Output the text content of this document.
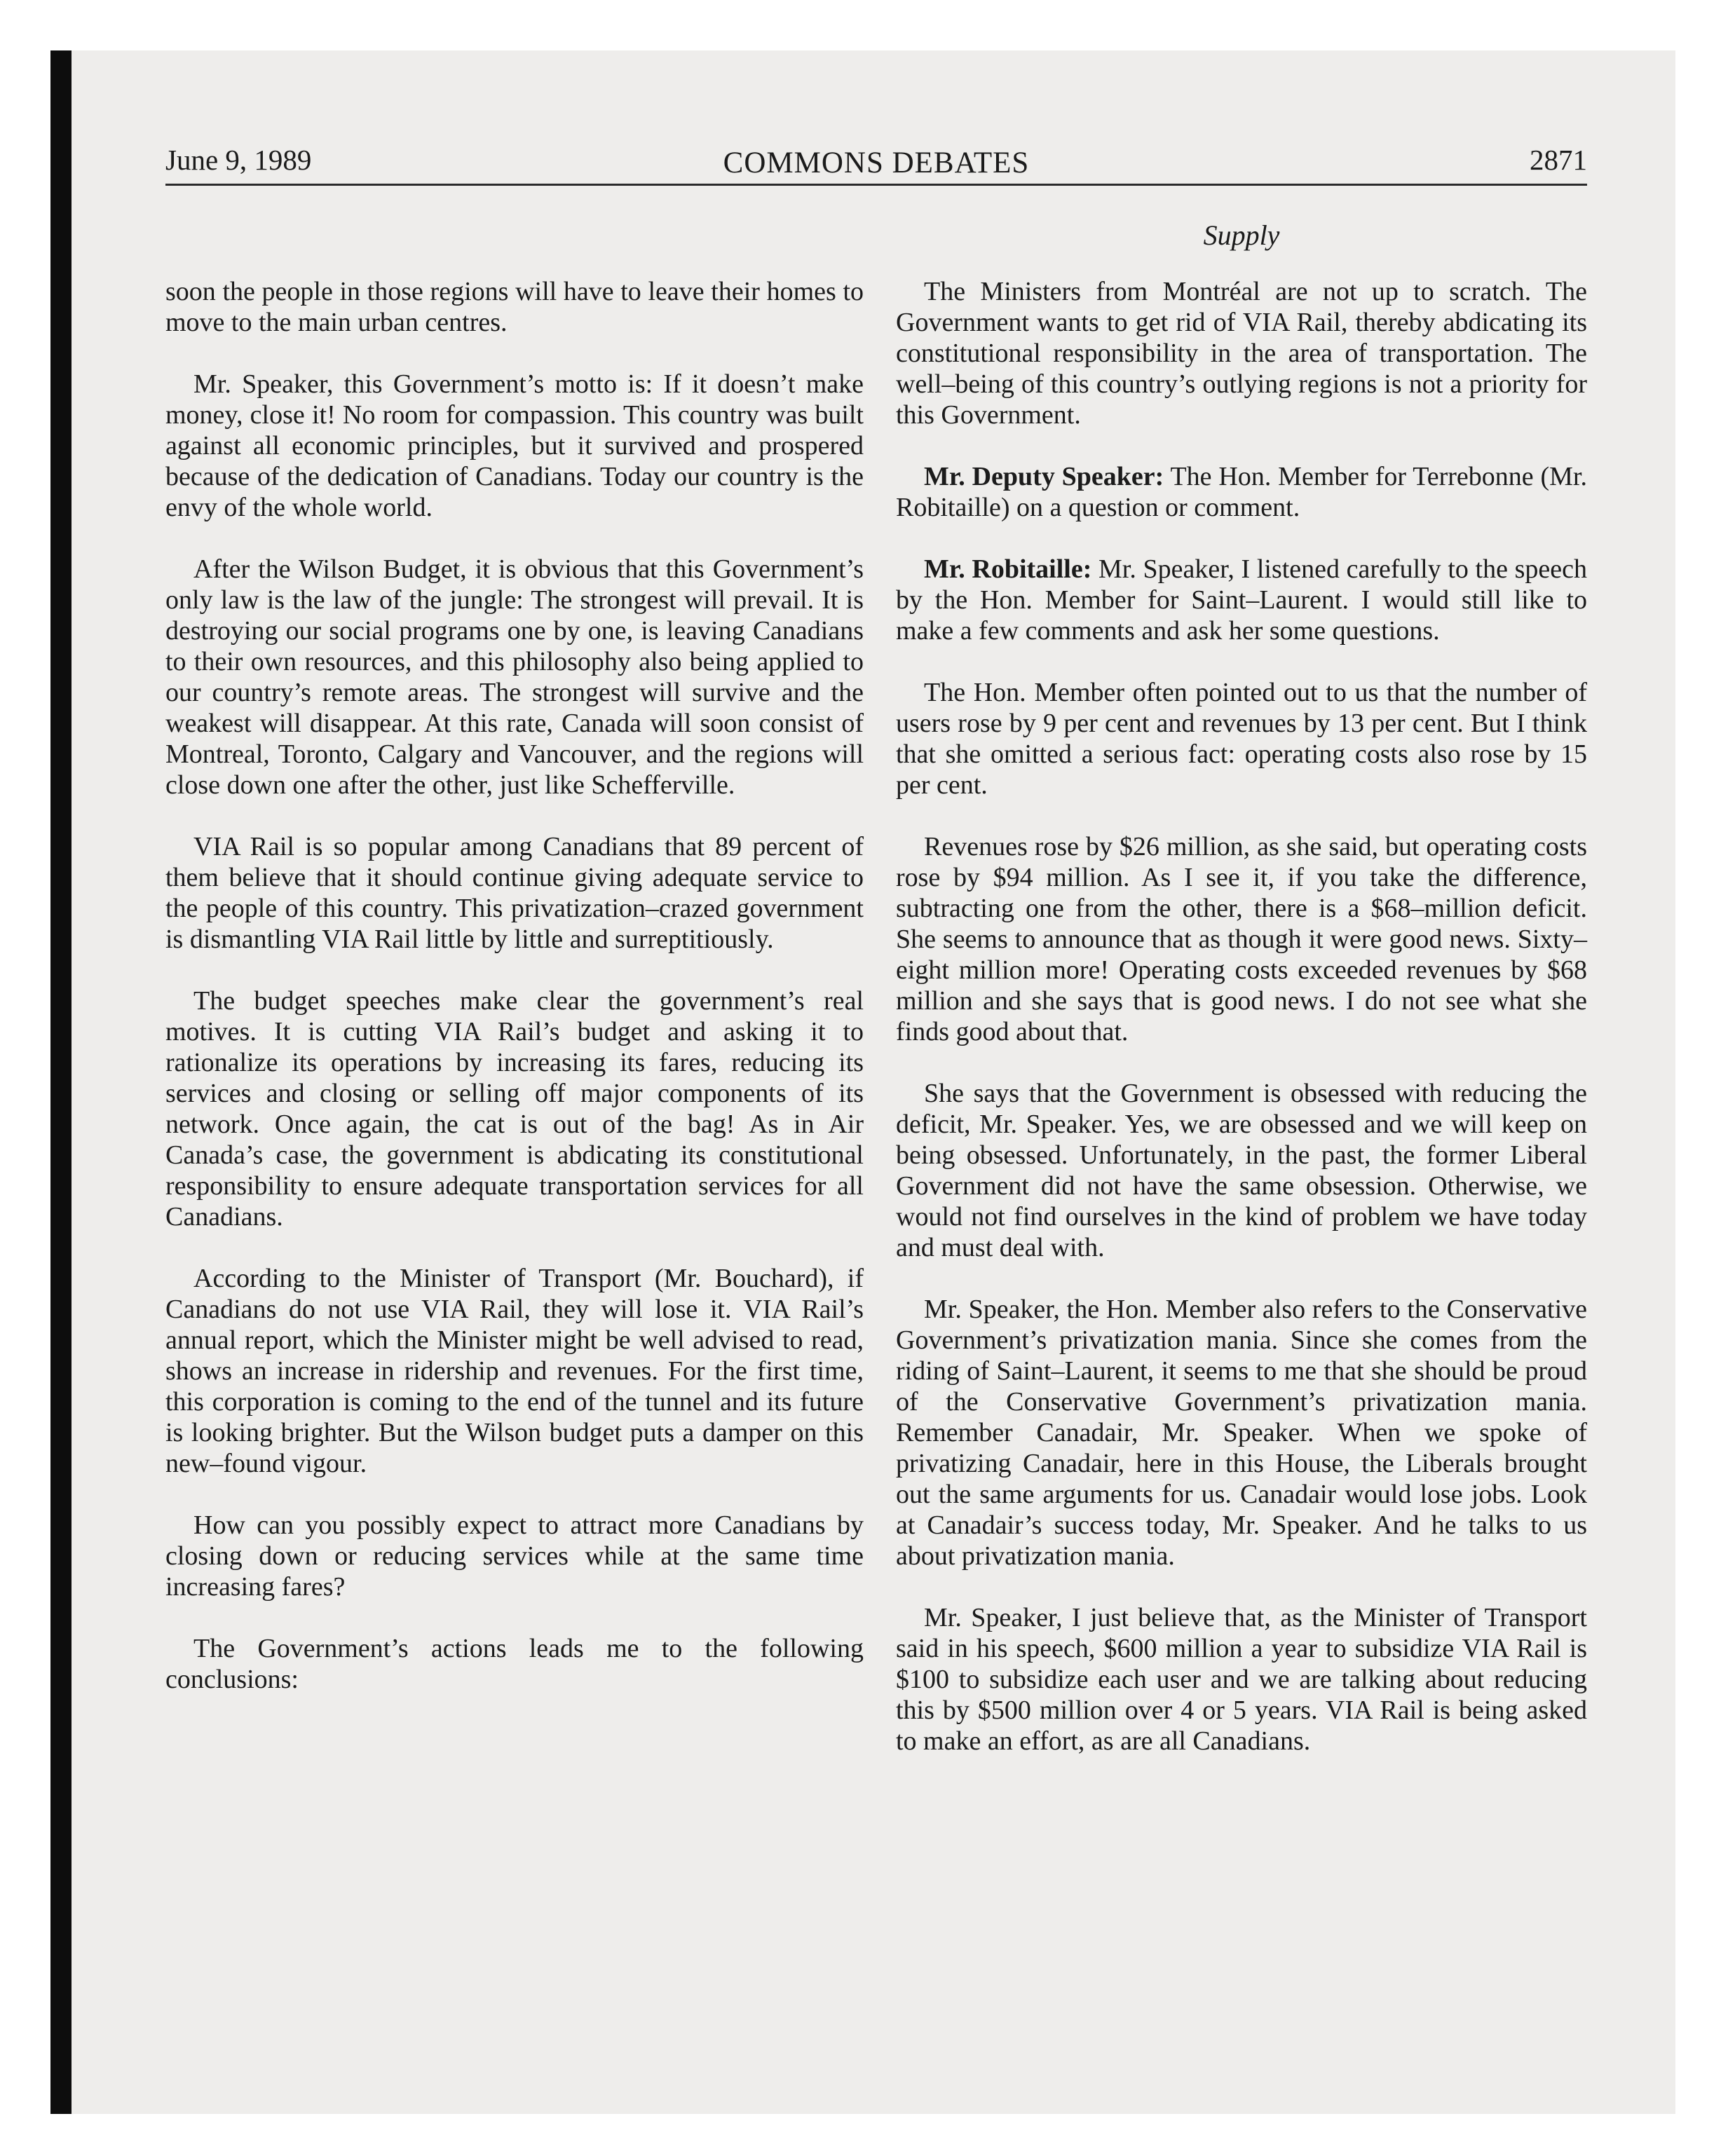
June 9, 1989	COMMONS DEBATES	2871
Supply

soon the people in those regions will have to leave their homes to move to the main urban centres.

Mr. Speaker, this Government’s motto is: If it doesn’t make money, close it! No room for compassion. This country was built against all economic principles, but it survived and prospered because of the dedication of Canadians. Today our country is the envy of the whole world.

After the Wilson Budget, it is obvious that this Government’s only law is the law of the jungle: The strongest will prevail. It is destroying our social programs one by one, is leaving Canadians to their own resources, and this philosophy also being applied to our country’s remote areas. The strongest will survive and the weakest will disappear. At this rate, Canada will soon consist of Montreal, Toronto, Calgary and Vancouver, and the regions will close down one after the other, just like Schefferville.

VIA Rail is so popular among Canadians that 89 percent of them believe that it should continue giving adequate service to the people of this country. This privatization–crazed government is dismantling VIA Rail little by little and surreptitiously.

The budget speeches make clear the government’s real motives. It is cutting VIA Rail’s budget and asking it to rationalize its operations by increasing its fares, reducing its services and closing or selling off major components of its network. Once again, the cat is out of the bag! As in Air Canada’s case, the government is abdicating its constitutional responsibility to ensure adequate transportation services for all Canadians.

According to the Minister of Transport (Mr. Bouchard), if Canadians do not use VIA Rail, they will lose it. VIA Rail’s annual report, which the Minister might be well advised to read, shows an increase in ridership and revenues. For the first time, this corporation is coming to the end of the tunnel and its future is looking brighter. But the Wilson budget puts a damper on this new–found vigour.

How can you possibly expect to attract more Canadians by closing down or reducing services while at the same time increasing fares?

The Government’s actions leads me to the following conclusions:

The Ministers from Montréal are not up to scratch. The Government wants to get rid of VIA Rail, thereby abdicating its constitutional responsibility in the area of transportation. The well–being of this country’s outlying regions is not a priority for this Government.

Mr. Deputy Speaker: The Hon. Member for Terrebonne (Mr. Robitaille) on a question or comment.

Mr. Robitaille: Mr. Speaker, I listened carefully to the speech by the Hon. Member for Saint–Laurent. I would still like to make a few comments and ask her some questions.

The Hon. Member often pointed out to us that the number of users rose by 9 per cent and revenues by 13 per cent. But I think that she omitted a serious fact: operating costs also rose by 15 per cent.

Revenues rose by $26 million, as she said, but operating costs rose by $94 million. As I see it, if you take the difference, subtracting one from the other, there is a $68–million deficit. She seems to announce that as though it were good news. Sixty–eight million more! Operating costs exceeded revenues by $68 million and she says that is good news. I do not see what she finds good about that.

She says that the Government is obsessed with reducing the deficit, Mr. Speaker. Yes, we are obsessed and we will keep on being obsessed. Unfortunately, in the past, the former Liberal Government did not have the same obsession. Otherwise, we would not find ourselves in the kind of problem we have today and must deal with.

Mr. Speaker, the Hon. Member also refers to the Conservative Government’s privatization mania. Since she comes from the riding of Saint–Laurent, it seems to me that she should be proud of the Conservative Government’s privatization mania. Remember Canadair, Mr. Speaker. When we spoke of privatizing Canadair, here in this House, the Liberals brought out the same arguments for us. Canadair would lose jobs. Look at Canadair’s success today, Mr. Speaker. And he talks to us about privatization mania.

Mr. Speaker, I just believe that, as the Minister of Transport said in his speech, $600 million a year to subsidize VIA Rail is $100 to subsidize each user and we are talking about reducing this by $500 million over 4 or 5 years. VIA Rail is being asked to make an effort, as are all Canadians.
